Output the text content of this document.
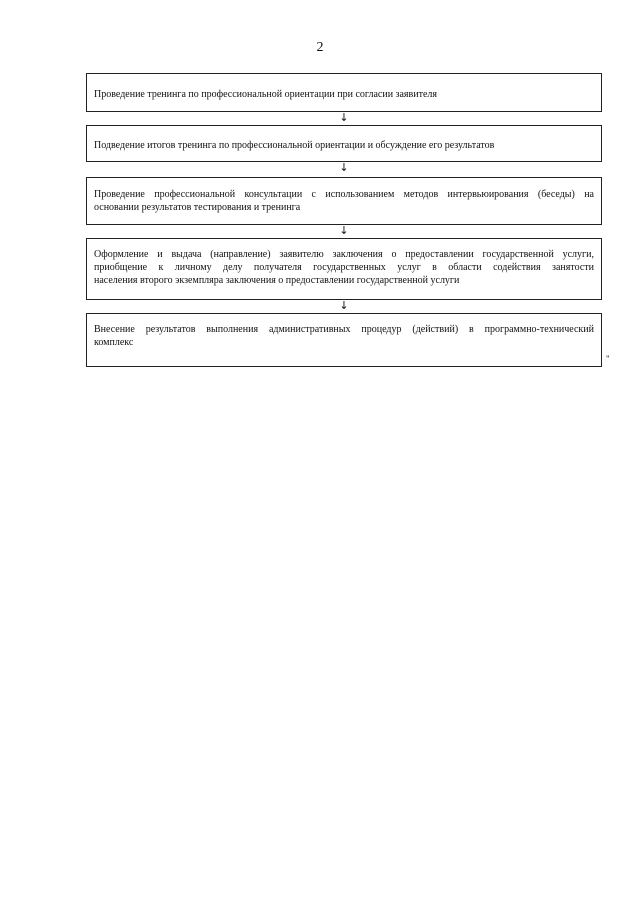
2
Проведение тренинга по профессиональной ориентации при согласии заявителя
↓
Подведение итогов тренинга по профессиональной ориентации и обсуждение его результатов
↓
Проведение профессиональной консультации с использованием методов интервьюирования (беседы) на
основании результатов тестирования и тренинга
↓
Оформление и выдача (направление) заявителю заключения о предоставлении государственной услуги,
приобщение к личному делу получателя государственных услуг в области содействия занятости
населения второго экземпляра заключения о предоставлении государственной услуги
↓
Внесение результатов выполнения административных процедур (действий) в программно-технический
комплекс
"
